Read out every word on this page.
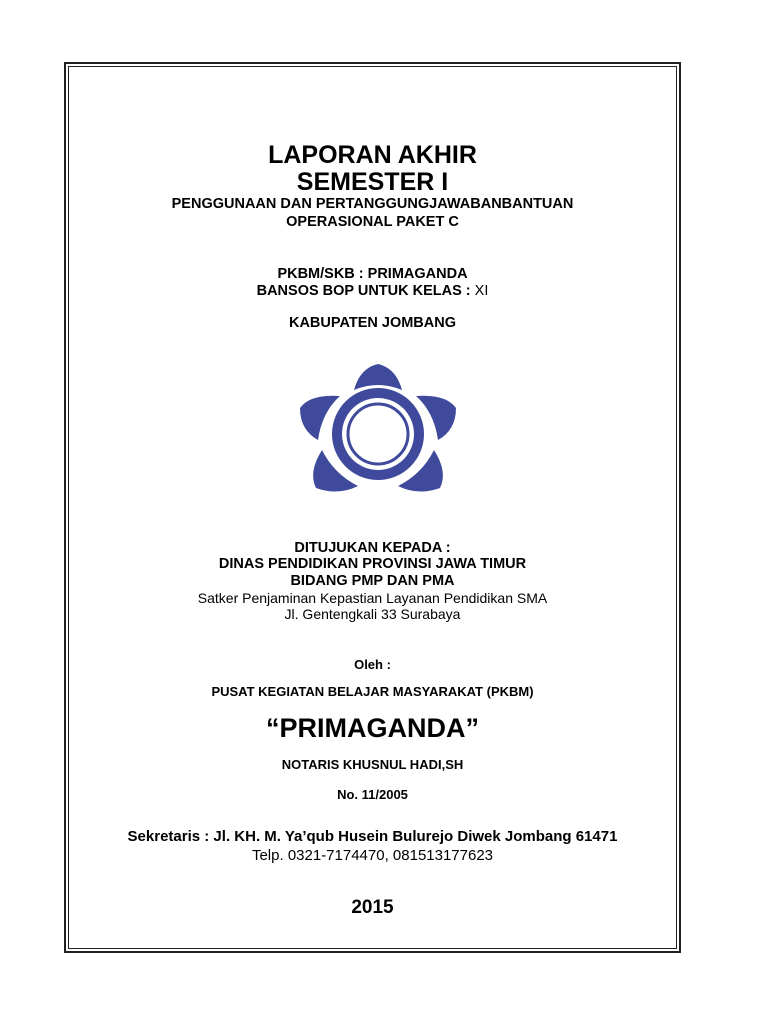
LAPORAN AKHIR
SEMESTER I
PENGGUNAAN DAN PERTANGGUNGJAWABANBANTUAN
OPERASIONAL PAKET C
PKBM/SKB : PRIMAGANDA
BANSOS BOP UNTUK KELAS : XI
KABUPATEN JOMBANG
DITUJUKAN KEPADA :
DINAS PENDIDIKAN PROVINSI JAWA TIMUR
BIDANG PMP DAN PMA
Satker Penjaminan Kepastian Layanan Pendidikan SMA
Jl. Gentengkali 33 Surabaya
Oleh :
PUSAT KEGIATAN BELAJAR MASYARAKAT (PKBM)
“PRIMAGANDA”
NOTARIS KHUSNUL HADI,SH
No. 11/2005
Sekretaris : Jl. KH. M. Ya’qub Husein Bulurejo Diwek Jombang 61471
Telp. 0321-7174470, 081513177623
2015
